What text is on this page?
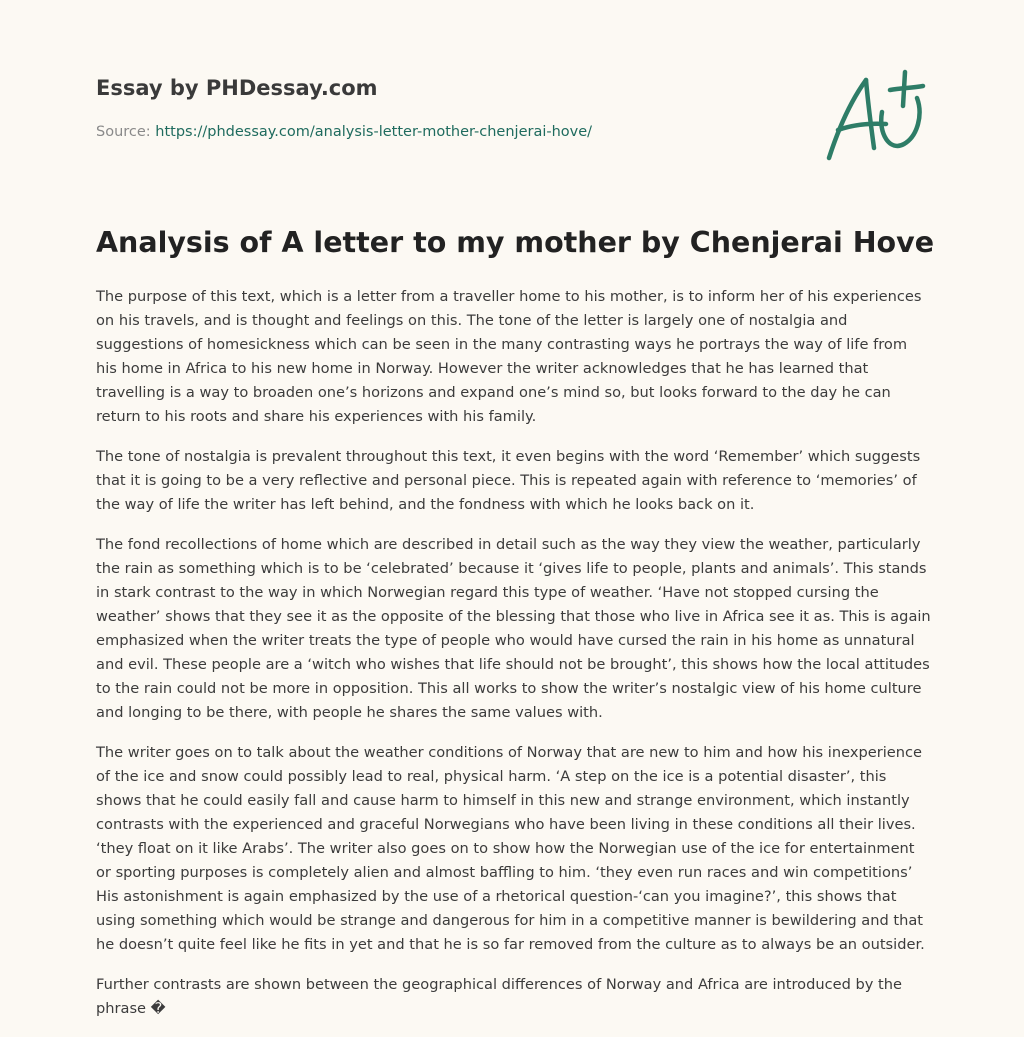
Essay by PHDessay.com
Source: https://phdessay.com/analysis-letter-mother-chenjerai-hove/
Analysis of A letter to my mother by Chenjerai Hove

The purpose of this text, which is a letter from a traveller home to his mother, is to inform her of his experiences on his travels, and is thought and feelings on this. The tone of the letter is largely one of nostalgia and suggestions of homesickness which can be seen in the many contrasting ways he portrays the way of life from his home in Africa to his new home in Norway. However the writer acknowledges that he has learned that travelling is a way to broaden one’s horizons and expand one’s mind so, but looks forward to the day he can return to his roots and share his experiences with his family.

The tone of nostalgia is prevalent throughout this text, it even begins with the word ‘Remember’ which suggests that it is going to be a very reflective and personal piece. This is repeated again with reference to ‘memories’ of the way of life the writer has left behind, and the fondness with which he looks back on it.

The fond recollections of home which are described in detail such as the way they view the weather, particularly the rain as something which is to be ‘celebrated’ because it ‘gives life to people, plants and animals’. This stands in stark contrast to the way in which Norwegian regard this type of weather. ‘Have not stopped cursing the weather’ shows that they see it as the opposite of the blessing that those who live in Africa see it as. This is again emphasized when the writer treats the type of people who would have cursed the rain in his home as unnatural and evil. These people are a ‘witch who wishes that life should not be brought’, this shows how the local attitudes to the rain could not be more in opposition. This all works to show the writer’s nostalgic view of his home culture and longing to be there, with people he shares the same values with.

The writer goes on to talk about the weather conditions of Norway that are new to him and how his inexperience of the ice and snow could possibly lead to real, physical harm. ‘A step on the ice is a potential disaster’, this shows that he could easily fall and cause harm to himself in this new and strange environment, which instantly contrasts with the experienced and graceful Norwegians who have been living in these conditions all their lives. ‘they float on it like Arabs’. The writer also goes on to show how the Norwegian use of the ice for entertainment or sporting purposes is completely alien and almost baffling to him. ‘they even run races and win competitions’ His astonishment is again emphasized by the use of a rhetorical question-‘can you imagine?’, this shows that using something which would be strange and dangerous for him in a competitive manner is bewildering and that he doesn’t quite feel like he fits in yet and that he is so far removed from the culture as to always be an outsider.

Further contrasts are shown between the geographical differences of Norway and Africa are introduced by the phrase �
